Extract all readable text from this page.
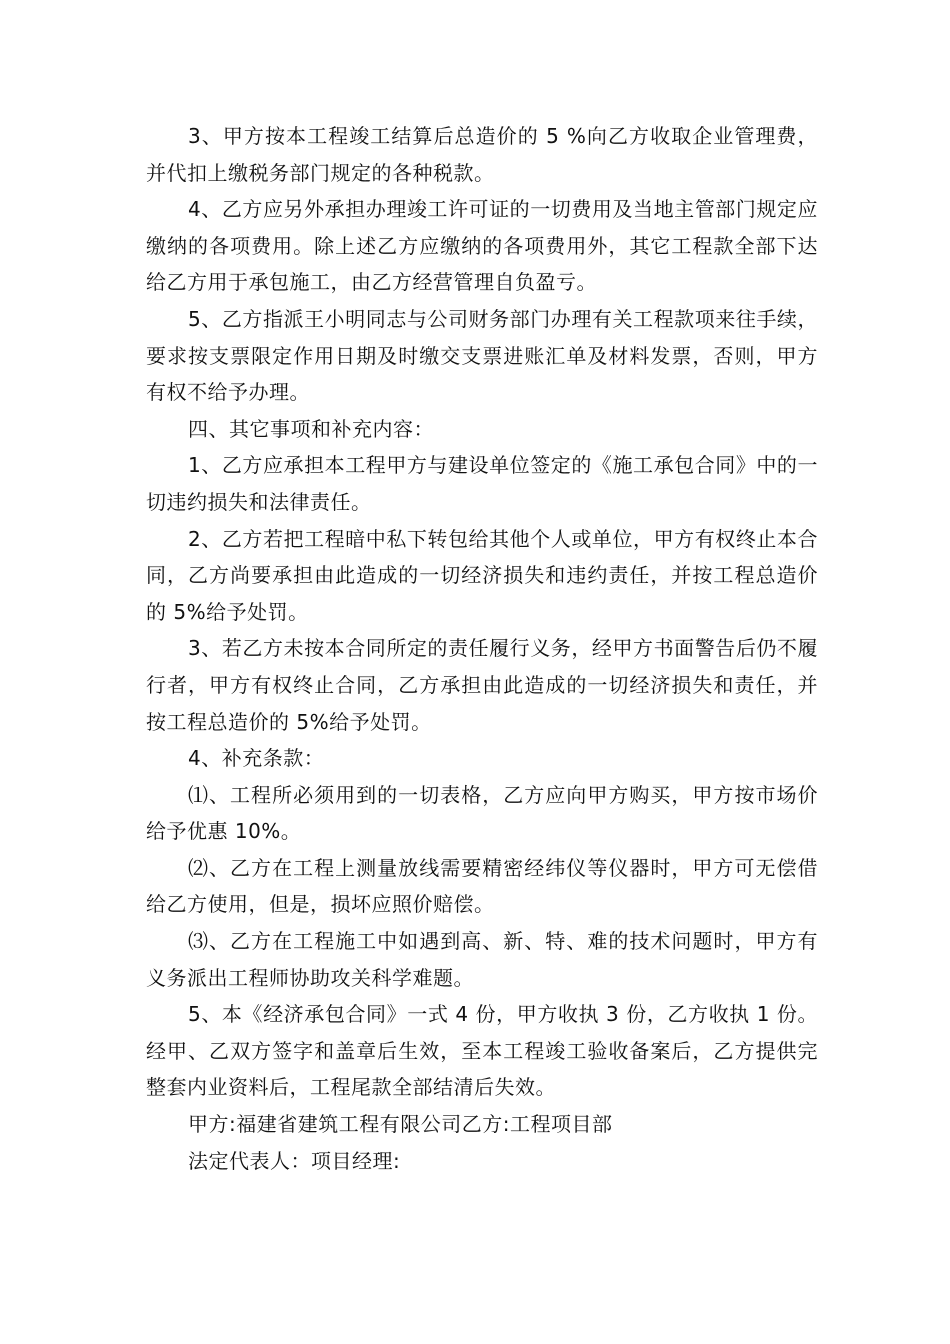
3、甲方按本工程竣工结算后总造价的 5 %向乙方收取企业管理费，并代扣上缴税务部门规定的各种税款。

4、乙方应另外承担办理竣工许可证的一切费用及当地主管部门规定应缴纳的各项费用。除上述乙方应缴纳的各项费用外，其它工程款全部下达给乙方用于承包施工，由乙方经营管理自负盈亏。

5、乙方指派王小明同志与公司财务部门办理有关工程款项来往手续，要求按支票限定作用日期及时缴交支票进账汇单及材料发票，否则，甲方有权不给予办理。

四、其它事项和补充内容：

1、乙方应承担本工程甲方与建设单位签定的《施工承包合同》中的一切违约损失和法律责任。

2、乙方若把工程暗中私下转包给其他个人或单位，甲方有权终止本合同，乙方尚要承担由此造成的一切经济损失和违约责任，并按工程总造价的 5%给予处罚。

3、若乙方未按本合同所定的责任履行义务，经甲方书面警告后仍不履行者，甲方有权终止合同，乙方承担由此造成的一切经济损失和责任，并按工程总造价的 5%给予处罚。

4、补充条款：

⑴、工程所必须用到的一切表格，乙方应向甲方购买，甲方按市场价给予优惠 10%。

⑵、乙方在工程上测量放线需要精密经纬仪等仪器时，甲方可无偿借给乙方使用，但是，损坏应照价赔偿。

⑶、乙方在工程施工中如遇到高、新、特、难的技术问题时，甲方有义务派出工程师协助攻关科学难题。

5、本《经济承包合同》一式 4 份，甲方收执 3 份，乙方收执 1 份。经甲、乙双方签字和盖章后生效，至本工程竣工验收备案后，乙方提供完整套内业资料后，工程尾款全部结清后失效。

甲方:福建省建筑工程有限公司乙方:工程项目部

法定代表人：项目经理:
